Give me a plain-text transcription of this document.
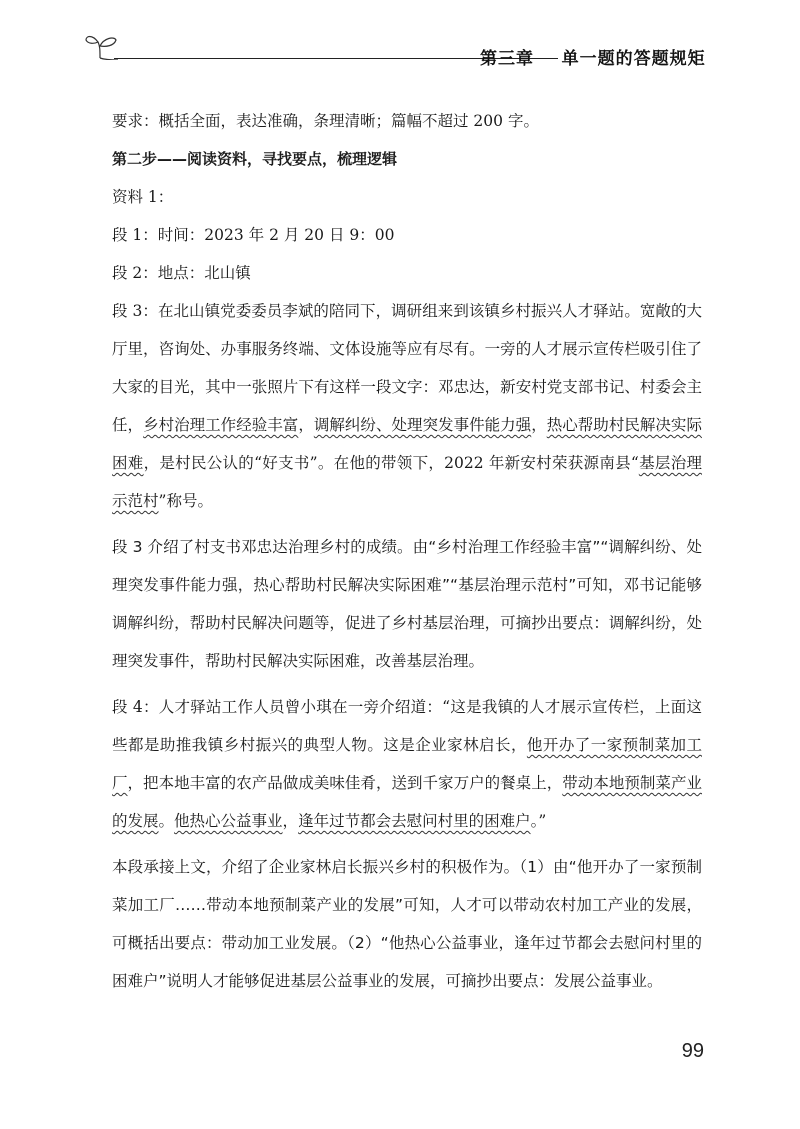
第三章    单一题的答题规矩

要求：概括全面，表达准确，条理清晰；篇幅不超过 200 字。

第二步——阅读资料，寻找要点，梳理逻辑

资料 1：

段 1：时间：2023 年 2 月 20 日 9：00

段 2：地点：北山镇

段 3：在北山镇党委委员李斌的陪同下，调研组来到该镇乡村振兴人才驿站。宽敞的大厅里，咨询处、办事服务终端、文体设施等应有尽有。一旁的人才展示宣传栏吸引住了大家的目光，其中一张照片下有这样一段文字：邓忠达，新安村党支部书记、村委会主任，乡村治理工作经验丰富，调解纠纷、处理突发事件能力强，热心帮助村民解决实际困难，是村民公认的“好支书”。在他的带领下，2022 年新安村荣获源南县“基层治理示范村”称号。

段 3 介绍了村支书邓忠达治理乡村的成绩。由“乡村治理工作经验丰富”“调解纠纷、处理突发事件能力强，热心帮助村民解决实际困难”“基层治理示范村”可知，邓书记能够调解纠纷，帮助村民解决问题等，促进了乡村基层治理，可摘抄出要点：调解纠纷，处理突发事件，帮助村民解决实际困难，改善基层治理。

段 4：人才驿站工作人员曾小琪在一旁介绍道：“这是我镇的人才展示宣传栏，上面这些都是助推我镇乡村振兴的典型人物。这是企业家林启长，他开办了一家预制菜加工厂，把本地丰富的农产品做成美味佳肴，送到千家万户的餐桌上，带动本地预制菜产业的发展。他热心公益事业，逢年过节都会去慰问村里的困难户。”

本段承接上文，介绍了企业家林启长振兴乡村的积极作为。（1）由“他开办了一家预制菜加工厂……带动本地预制菜产业的发展”可知，人才可以带动农村加工产业的发展，可概括出要点：带动加工业发展。（2）“他热心公益事业，逢年过节都会去慰问村里的困难户”说明人才能够促进基层公益事业的发展，可摘抄出要点：发展公益事业。

99
